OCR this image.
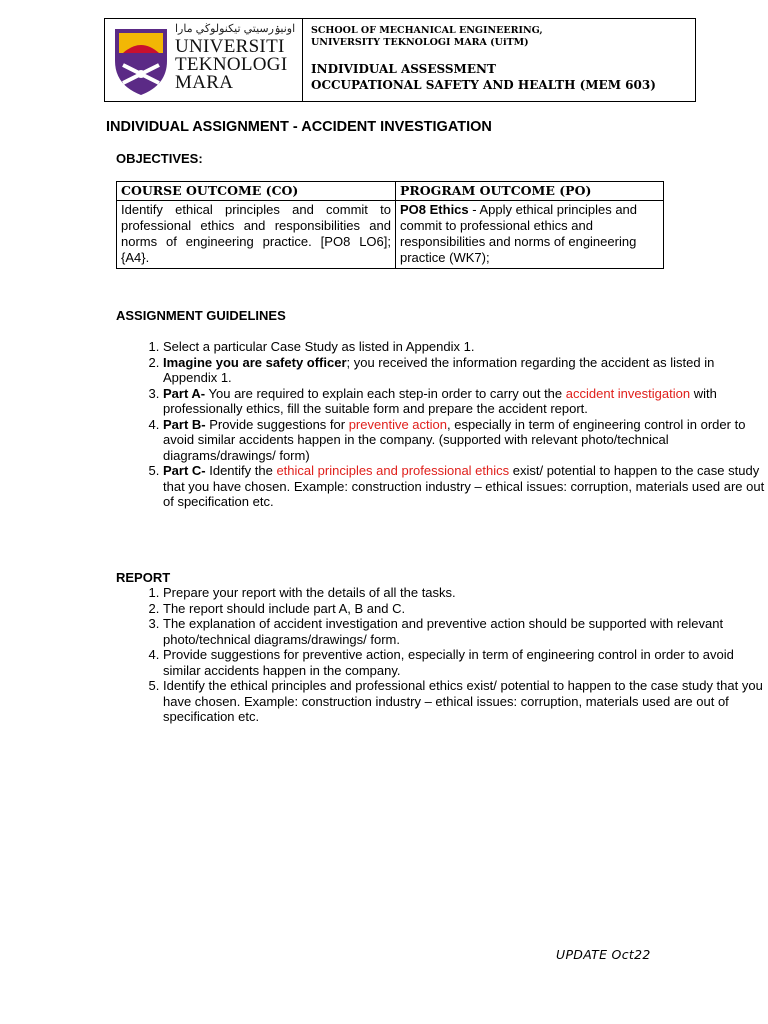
اونيۏرسيتي تيكنولوڬي مارا
UNIVERSITI
TEKNOLOGI
MARA
SCHOOL OF MECHANICAL ENGINEERING,
UNIVERSITY TEKNOLOGI MARA (UiTM)
INDIVIDUAL ASSESSMENT
OCCUPATIONAL SAFETY AND HEALTH (MEM 603)
INDIVIDUAL ASSIGNMENT - ACCIDENT INVESTIGATION
OBJECTIVES:
COURSE OUTCOME (CO)	PROGRAM OUTCOME (PO)
Identify ethical principles and commit to professional ethics and responsibilities and norms of engineering practice. [PO8 LO6];{A4}.	PO8 Ethics - Apply ethical principles and commit to professional ethics and responsibilities and norms of engineering practice (WK7);
ASSIGNMENT GUIDELINES
1. Select a particular Case Study as listed in Appendix 1.
2. Imagine you are safety officer; you received the information regarding the accident as listed in Appendix 1.
3. Part A- You are required to explain each step-in order to carry out the accident investigation with professionally ethics, fill the suitable form and prepare the accident report.
4. Part B- Provide suggestions for preventive action, especially in term of engineering control in order to avoid similar accidents happen in the company. (supported with relevant photo/technical diagrams/drawings/ form)
5. Part C- Identify the ethical principles and professional ethics exist/ potential to happen to the case study that you have chosen. Example: construction industry – ethical issues: corruption, materials used are out of specification etc.
REPORT
1. Prepare your report with the details of all the tasks.
2. The report should include part A, B and C.
3. The explanation of accident investigation and preventive action should be supported with relevant photo/technical diagrams/drawings/ form.
4. Provide suggestions for preventive action, especially in term of engineering control in order to avoid similar accidents happen in the company.
5. Identify the ethical principles and professional ethics exist/ potential to happen to the case study that you have chosen. Example: construction industry – ethical issues: corruption, materials used are out of specification etc.
UPDATE Oct22
